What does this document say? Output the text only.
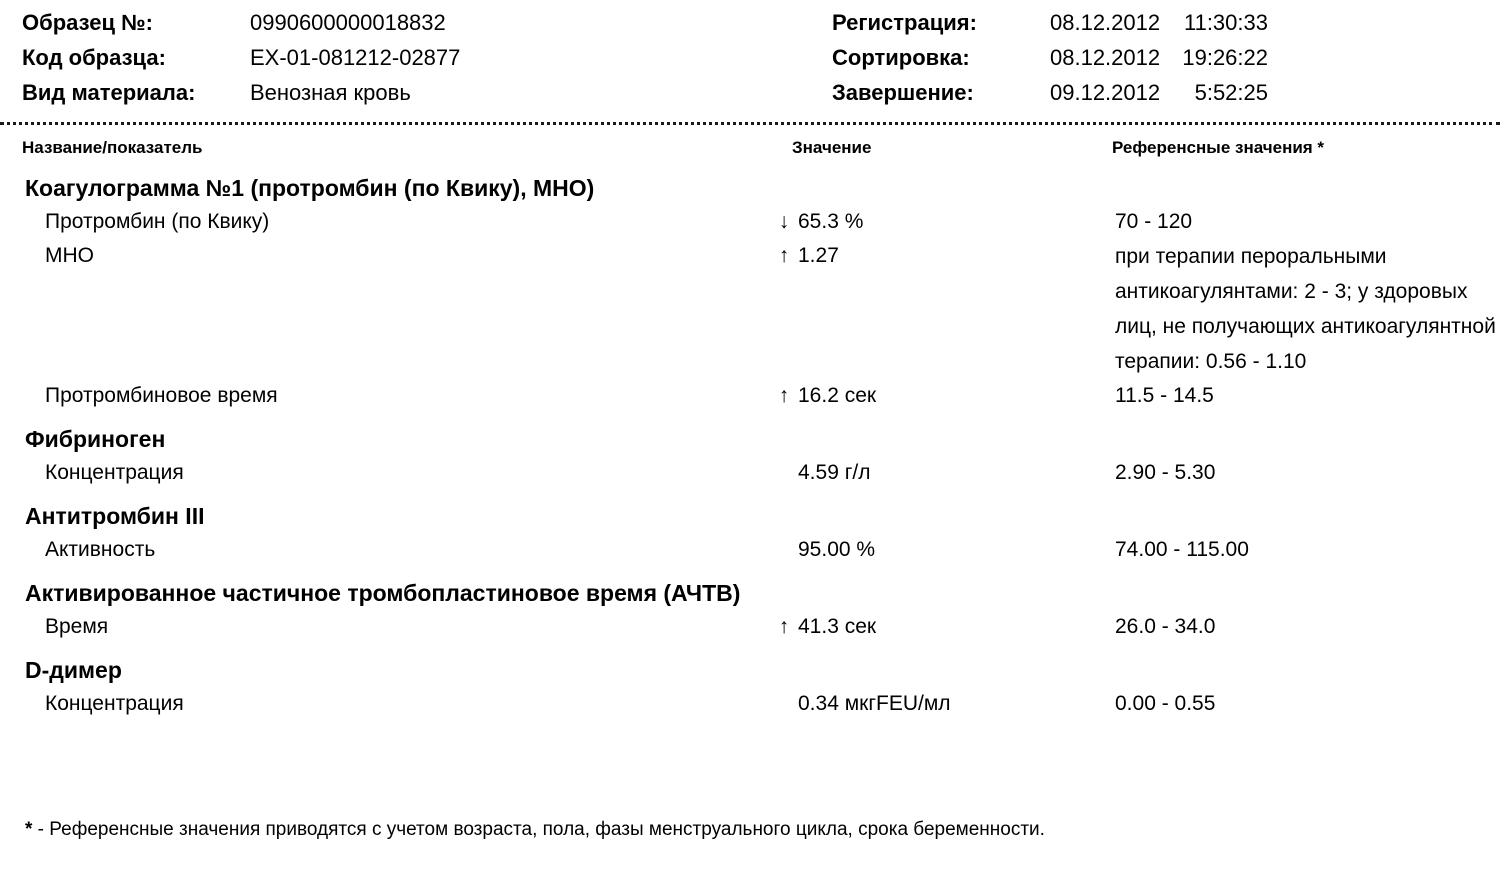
Образец №:	0990600000018832
Код образца:	EX-01-081212-02877
Вид материала:	Венозная кровь
Регистрация:	08.12.2012	11:30:33
Сортировка:	08.12.2012	19:26:22
Завершение:	09.12.2012	5:52:25
Название/показатель	Значение	Референсные значения *
Коагулограмма №1 (протромбин (по Квику), МНО)
Протромбин (по Квику)	↓ 65.3 %	70 - 120
МНО	↑ 1.27	при терапии пероральными антикоагулянтами: 2 - 3; у здоровых лиц, не получающих антикоагулянтной терапии: 0.56 - 1.10
Протромбиновое время	↑ 16.2 сек	11.5 - 14.5
Фибриноген
Концентрация	4.59 г/л	2.90 - 5.30
Антитромбин III
Активность	95.00 %	74.00 - 115.00
Активированное частичное тромбопластиновое время (АЧТВ)
Время	↑ 41.3 сек	26.0 - 34.0
D-димер
Концентрация	0.34 мкгFEU/мл	0.00 - 0.55
* - Референсные значения приводятся с учетом возраста, пола, фазы менструального цикла, срока беременности.
